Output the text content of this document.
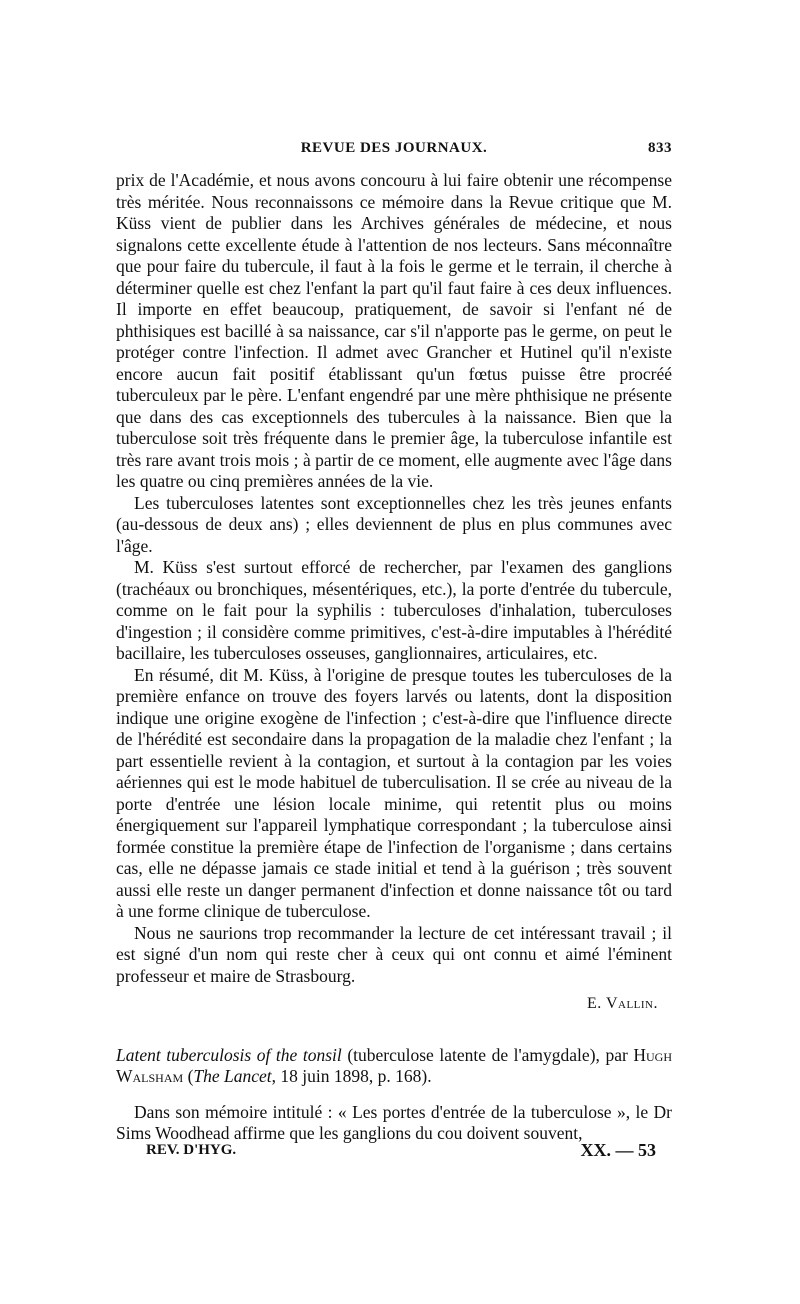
REVUE DES JOURNAUX.	833

prix de l'Académie, et nous avons concouru à lui faire obtenir une récompense très méritée. Nous reconnaissons ce mémoire dans la Revue critique que M. Küss vient de publier dans les Archives générales de médecine, et nous signalons cette excellente étude à l'attention de nos lecteurs. Sans méconnaître que pour faire du tubercule, il faut à la fois le germe et le terrain, il cherche à déterminer quelle est chez l'enfant la part qu'il faut faire à ces deux influences. Il importe en effet beaucoup, pratiquement, de savoir si l'enfant né de phthisiques est bacillé à sa naissance, car s'il n'apporte pas le germe, on peut le protéger contre l'infection. Il admet avec Grancher et Hutinel qu'il n'existe encore aucun fait positif établissant qu'un fœtus puisse être procréé tuberculeux par le père. L'enfant engendré par une mère phthisique ne présente que dans des cas exceptionnels des tubercules à la naissance. Bien que la tuberculose soit très fréquente dans le premier âge, la tuberculose infantile est très rare avant trois mois ; à partir de ce moment, elle augmente avec l'âge dans les quatre ou cinq premières années de la vie.

Les tuberculoses latentes sont exceptionnelles chez les très jeunes enfants (au-dessous de deux ans) ; elles deviennent de plus en plus communes avec l'âge.

M. Küss s'est surtout efforcé de rechercher, par l'examen des ganglions (trachéaux ou bronchiques, mésentériques, etc.), la porte d'entrée du tubercule, comme on le fait pour la syphilis : tuberculoses d'inhalation, tuberculoses d'ingestion ; il considère comme primitives, c'est-à-dire imputables à l'hérédité bacillaire, les tuberculoses osseuses, ganglionnaires, articulaires, etc.

En résumé, dit M. Küss, à l'origine de presque toutes les tuberculoses de la première enfance on trouve des foyers larvés ou latents, dont la disposition indique une origine exogène de l'infection ; c'est-à-dire que l'influence directe de l'hérédité est secondaire dans la propagation de la maladie chez l'enfant ; la part essentielle revient à la contagion, et surtout à la contagion par les voies aériennes qui est le mode habituel de tuberculisation. Il se crée au niveau de la porte d'entrée une lésion locale minime, qui retentit plus ou moins énergiquement sur l'appareil lymphatique correspondant ; la tuberculose ainsi formée constitue la première étape de l'infection de l'organisme ; dans certains cas, elle ne dépasse jamais ce stade initial et tend à la guérison ; très souvent aussi elle reste un danger permanent d'infection et donne naissance tôt ou tard à une forme clinique de tuberculose.

Nous ne saurions trop recommander la lecture de cet intéressant travail ; il est signé d'un nom qui reste cher à ceux qui ont connu et aimé l'éminent professeur et maire de Strasbourg.

E. Vallin.

Latent tuberculosis of the tonsil (tuberculose latente de l'amygdale), par Hugh Walsham (The Lancet, 18 juin 1898, p. 168).

Dans son mémoire intitulé : « Les portes d'entrée de la tuberculose », le Dr Sims Woodhead affirme que les ganglions du cou doivent souvent,

REV. D'HYG.	XX. — 53
